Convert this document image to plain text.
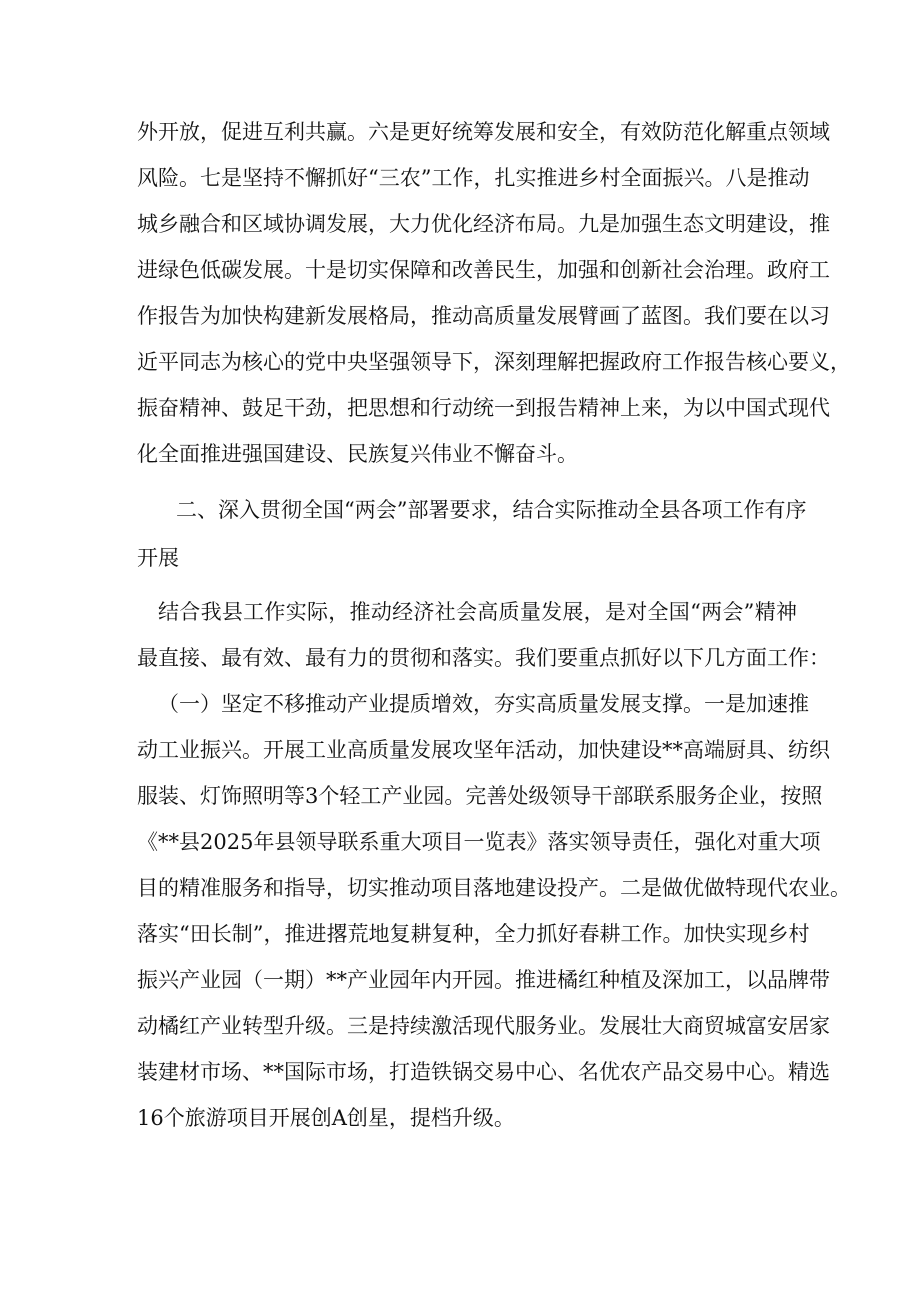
外开放，促进互利共赢。六是更好统筹发展和安全，有效防范化解重点领域
风险。七是坚持不懈抓好“三农”工作，扎实推进乡村全面振兴。八是推动
城乡融合和区域协调发展，大力优化经济布局。九是加强生态文明建设，推
进绿色低碳发展。十是切实保障和改善民生，加强和创新社会治理。政府工
作报告为加快构建新发展格局，推动高质量发展臂画了蓝图。我们要在以习
近平同志为核心的党中央坚强领导下，深刻理解把握政府工作报告核心要义，
振奋精神、鼓足干劲，把思想和行动统一到报告精神上来，为以中国式现代
化全面推进强国建设、民族复兴伟业不懈奋斗。
二、深入贯彻全国“两会”部署要求，结合实际推动全县各项工作有序
开展
结合我县工作实际，推动经济社会高质量发展，是对全国“两会”精神
最直接、最有效、最有力的贯彻和落实。我们要重点抓好以下几方面工作：
（一）坚定不移推动产业提质增效，夯实高质量发展支撑。一是加速推
动工业振兴。开展工业高质量发展攻坚年活动，加快建设**高端厨具、纺织
服装、灯饰照明等3个轻工产业园。完善处级领导干部联系服务企业，按照
《**县2025年县领导联系重大项目一览表》落实领导责任，强化对重大项
目的精准服务和指导，切实推动项目落地建设投产。二是做优做特现代农业。
落实“田长制”，推进撂荒地复耕复种，全力抓好春耕工作。加快实现乡村
振兴产业园（一期）**产业园年内开园。推进橘红种植及深加工，以品牌带
动橘红产业转型升级。三是持续激活现代服务业。发展壮大商贸城富安居家
装建材市场、**国际市场，打造铁锅交易中心、名优农产品交易中心。精选
16个旅游项目开展创A创星，提档升级。
